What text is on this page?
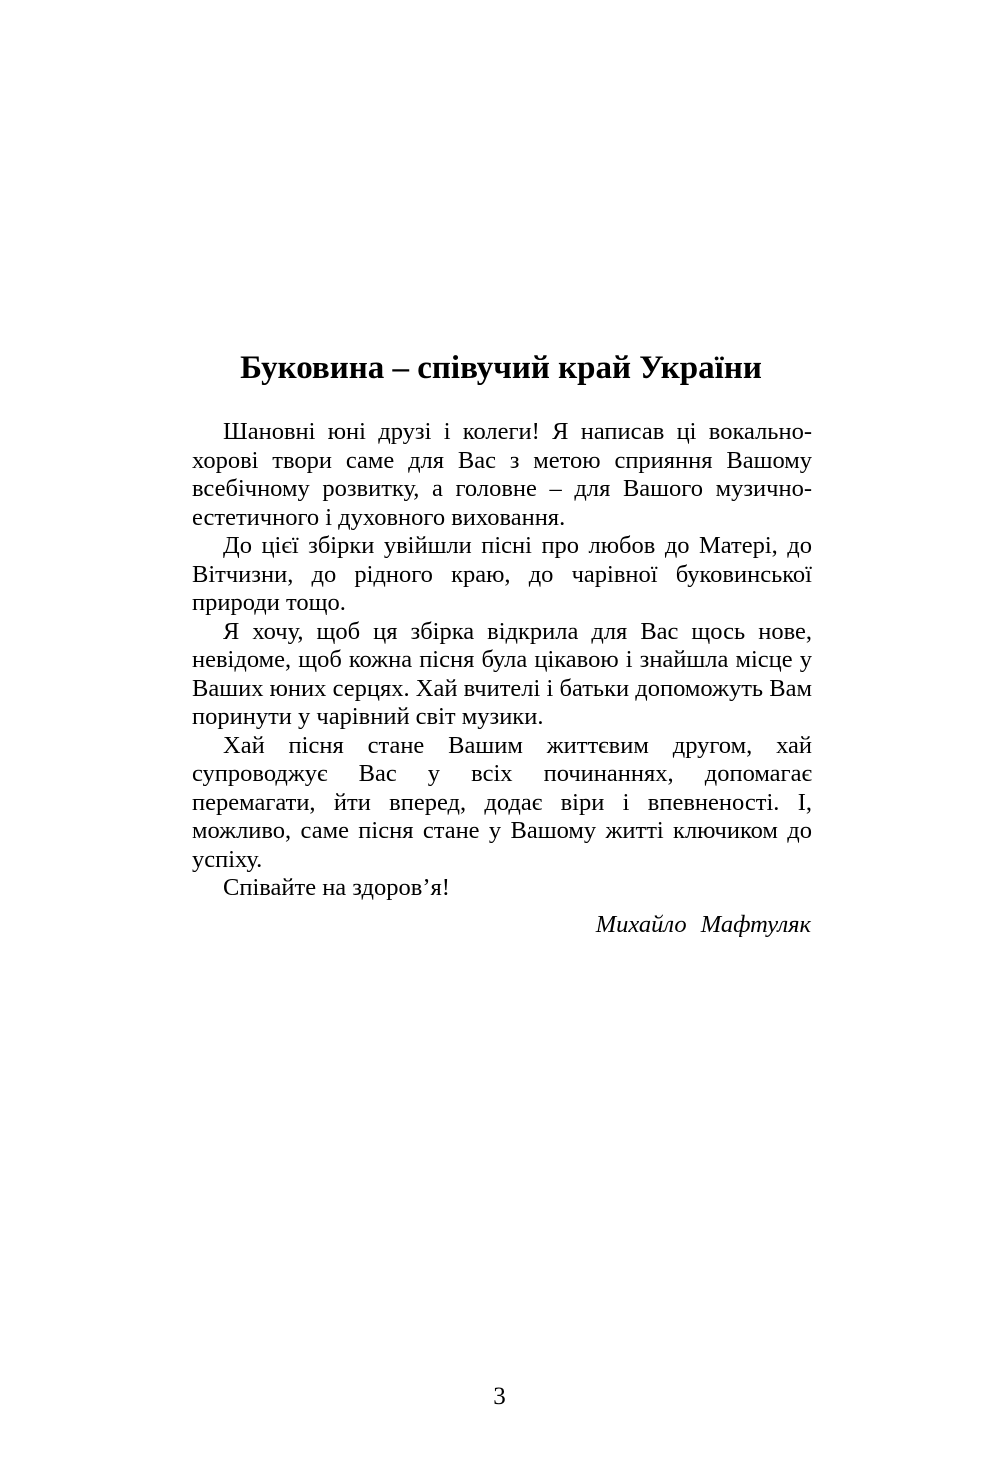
Буковина – співучий край України

Шановні юні друзі і колеги! Я написав ці вокально-хорові твори саме для Вас з метою сприяння Вашому всебічному розвитку, а головне – для Вашого музично-естетичного і духовного виховання.

До цієї збірки увійшли пісні про любов до Матері, до Вітчизни, до рідного краю, до чарівної буковинської природи тощо.

Я хочу, щоб ця збірка відкрила для Вас щось нове, невідоме, щоб кожна пісня була цікавою і знайшла місце у Ваших юних серцях. Хай вчителі і батьки допоможуть Вам поринути у чарівний світ музики.

Хай пісня стане Вашим життєвим другом, хай супроводжує Вас у всіх починаннях, допомагає перемагати, йти вперед, додає віри і впевненості. І, можливо, саме пісня стане у Вашому житті ключиком до успіху.

Співайте на здоров’я!

Михайло Мафтуляк
3
